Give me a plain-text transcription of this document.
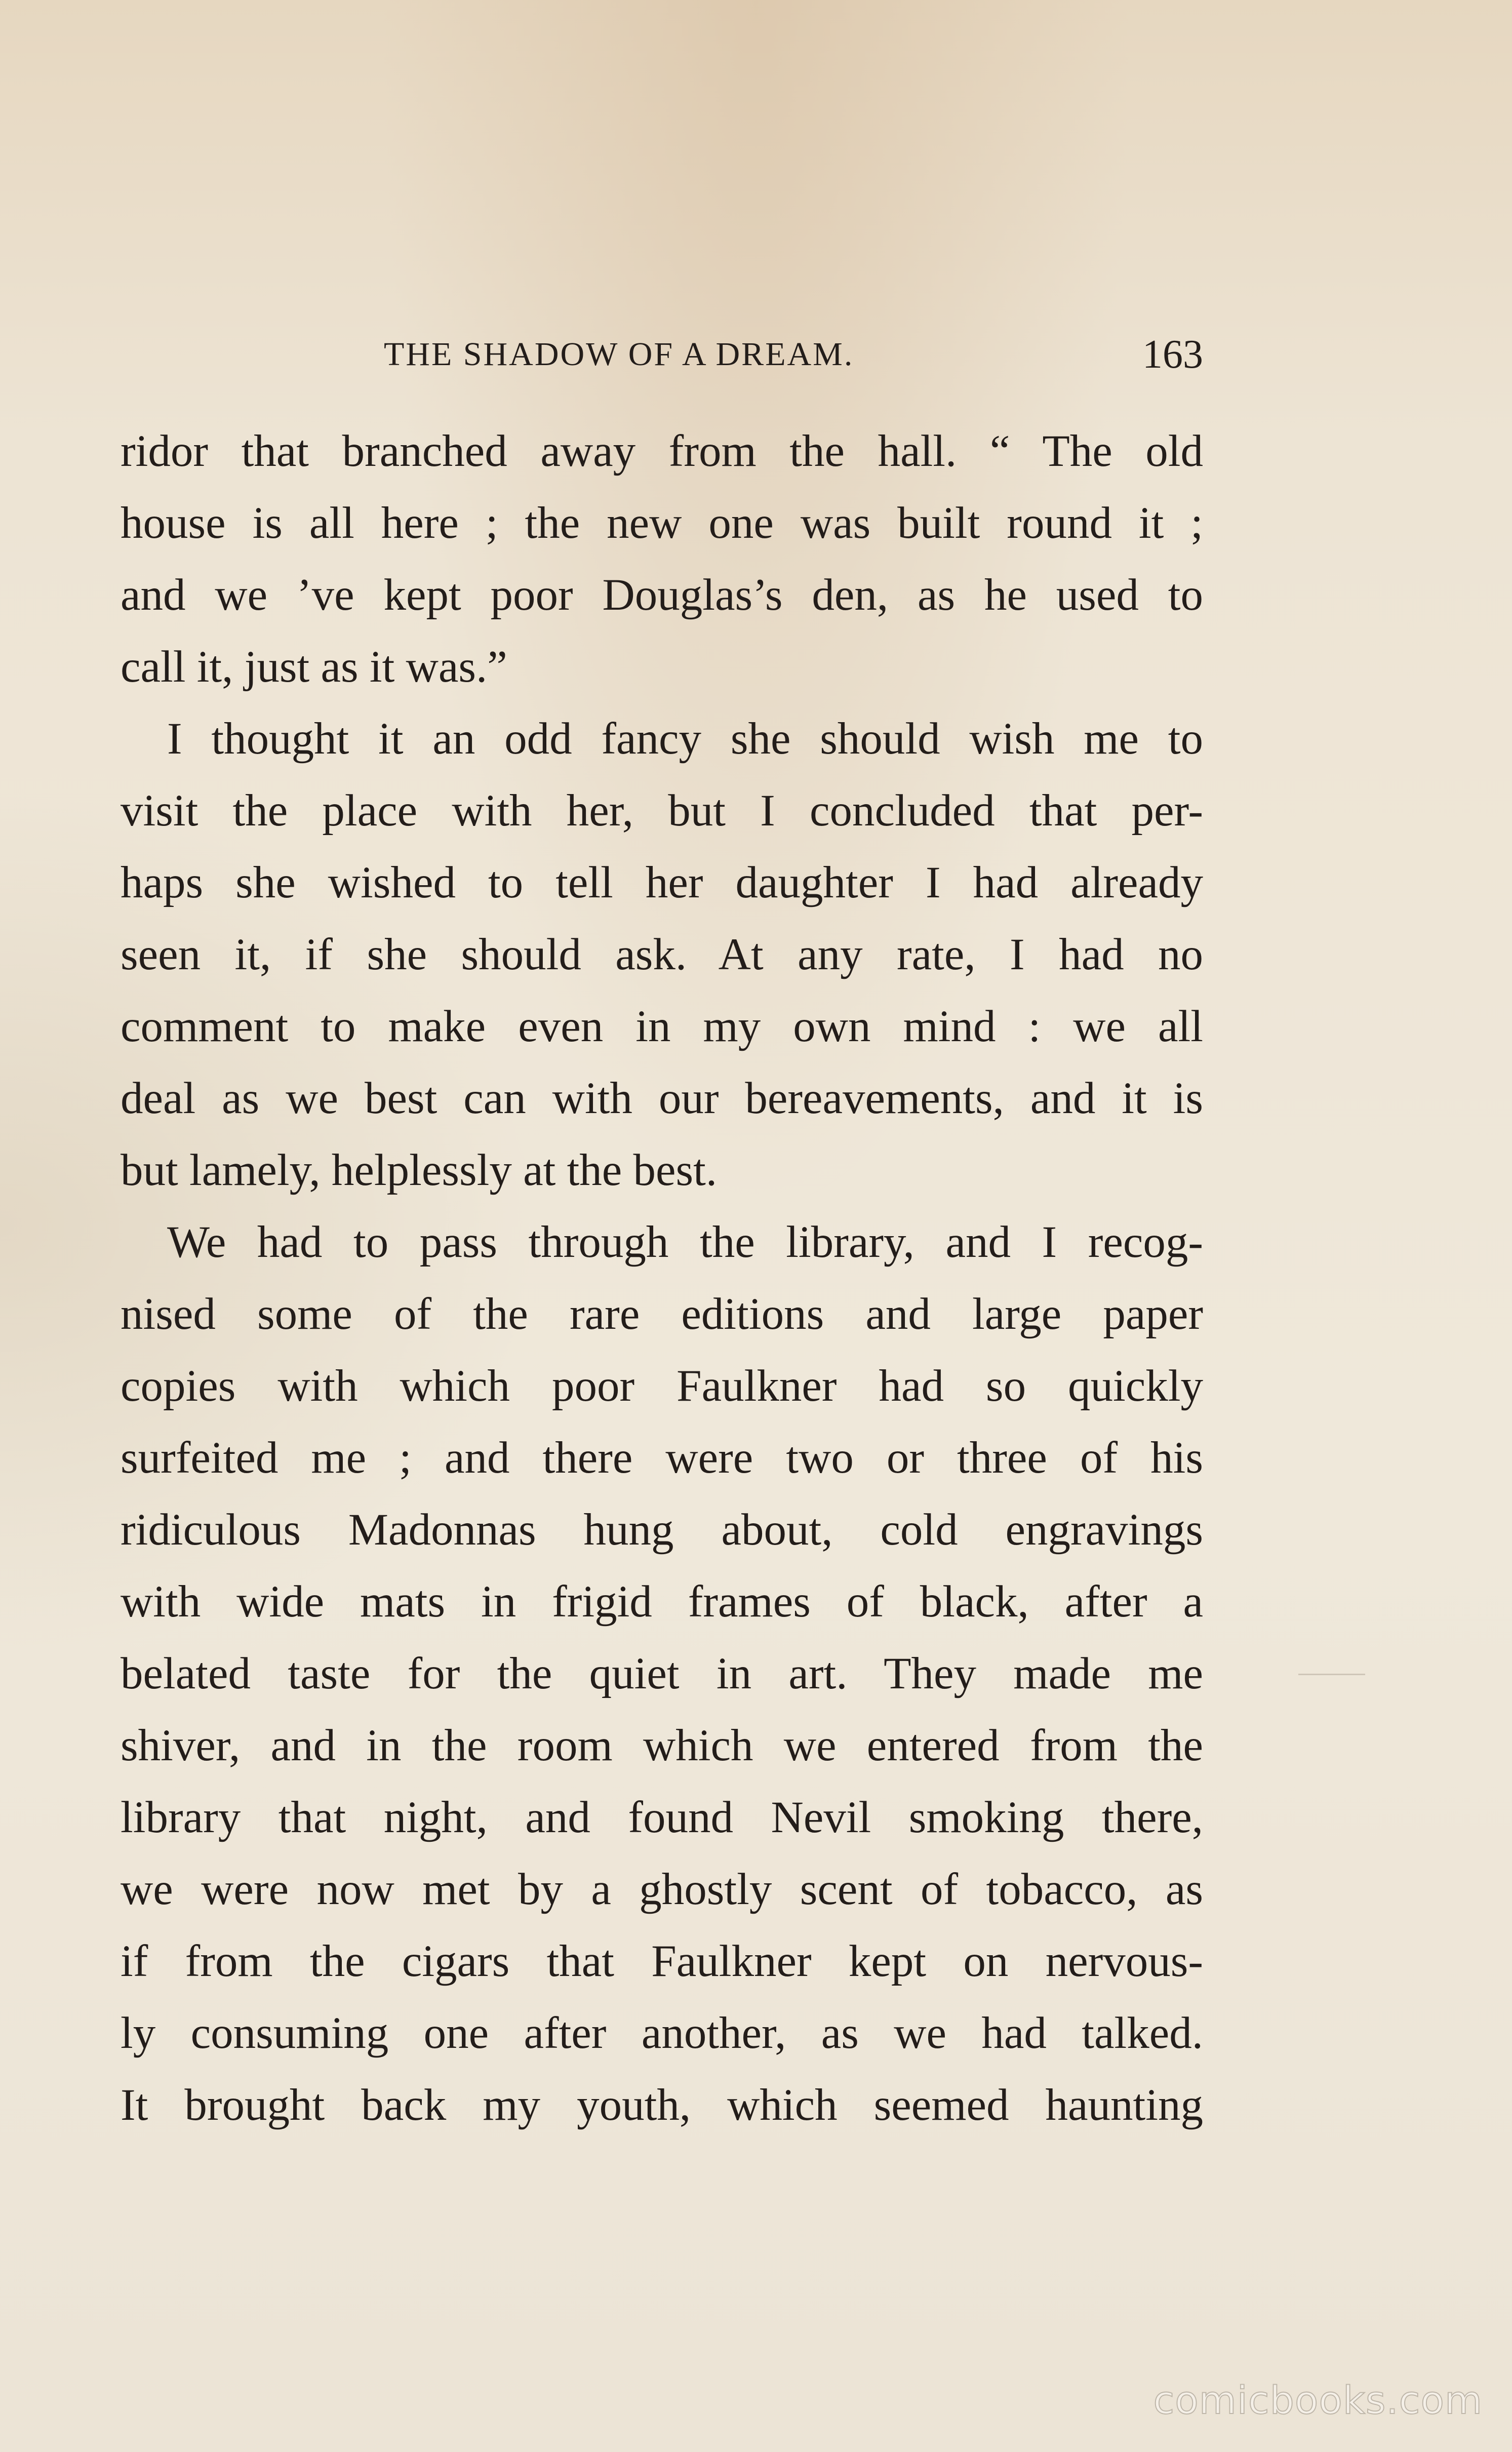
THE SHADOW OF A DREAM.	163
ridor that branched away from the hall. “ The old
house is all here ; the new one was built round it ;
and we ’ve kept poor Douglas’s den, as he used to
call it, just as it was.”
I thought it an odd fancy she should wish me to
visit the place with her, but I concluded that per-
haps she wished to tell her daughter I had already
seen it, if she should ask. At any rate, I had no
comment to make even in my own mind : we all
deal as we best can with our bereavements, and it is
but lamely, helplessly at the best.
We had to pass through the library, and I recog-
nised some of the rare editions and large paper
copies with which poor Faulkner had so quickly
surfeited me ; and there were two or three of his
ridiculous Madonnas hung about, cold engravings
with wide mats in frigid frames of black, after a
belated taste for the quiet in art. They made me
shiver, and in the room which we entered from the
library that night, and found Nevil smoking there,
we were now met by a ghostly scent of tobacco, as
if from the cigars that Faulkner kept on nervous-
ly consuming one after another, as we had talked.
It brought back my youth, which seemed haunting
comicbooks.com
